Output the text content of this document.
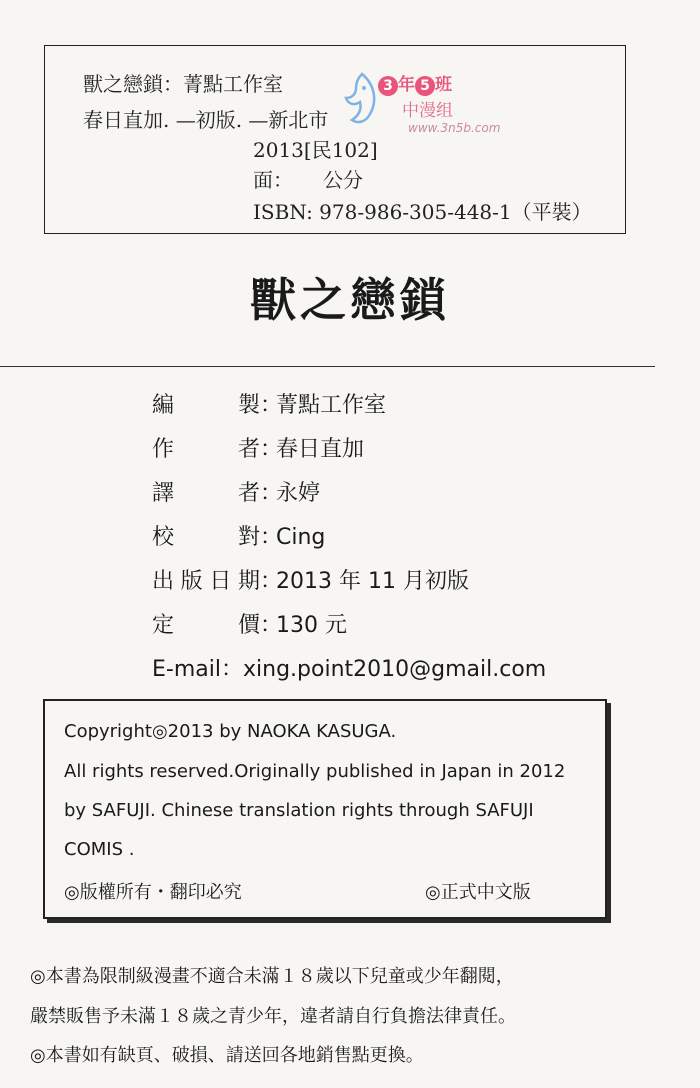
獸之戀鎖：菁點工作室
春日直加. —初版. —新北市
2013[民102]
面：　　公分
ISBN: 978-986-305-448-1（平裝）
3 年 5 班
中漫组
www.3n5b.com
獸之戀鎖
編製：菁點工作室
作者：春日直加
譯者：永婷
校對：Cing
出版日期：2013 年 11 月初版
定價：130 元
E-mail：xing.point2010@gmail.com
Copyright◎2013 by NAOKA KASUGA.
All rights reserved.Originally published in Japan in 2012
by SAFUJI. Chinese translation rights through SAFUJI
COMIS .
◎版權所有・翻印必究	◎正式中文版
◎本書為限制級漫畫不適合未滿１８歲以下兒童或少年翻閱，
嚴禁販售予未滿１８歲之青少年，違者請自行負擔法律責任。
◎本書如有缺頁、破損、請送回各地銷售點更換。
